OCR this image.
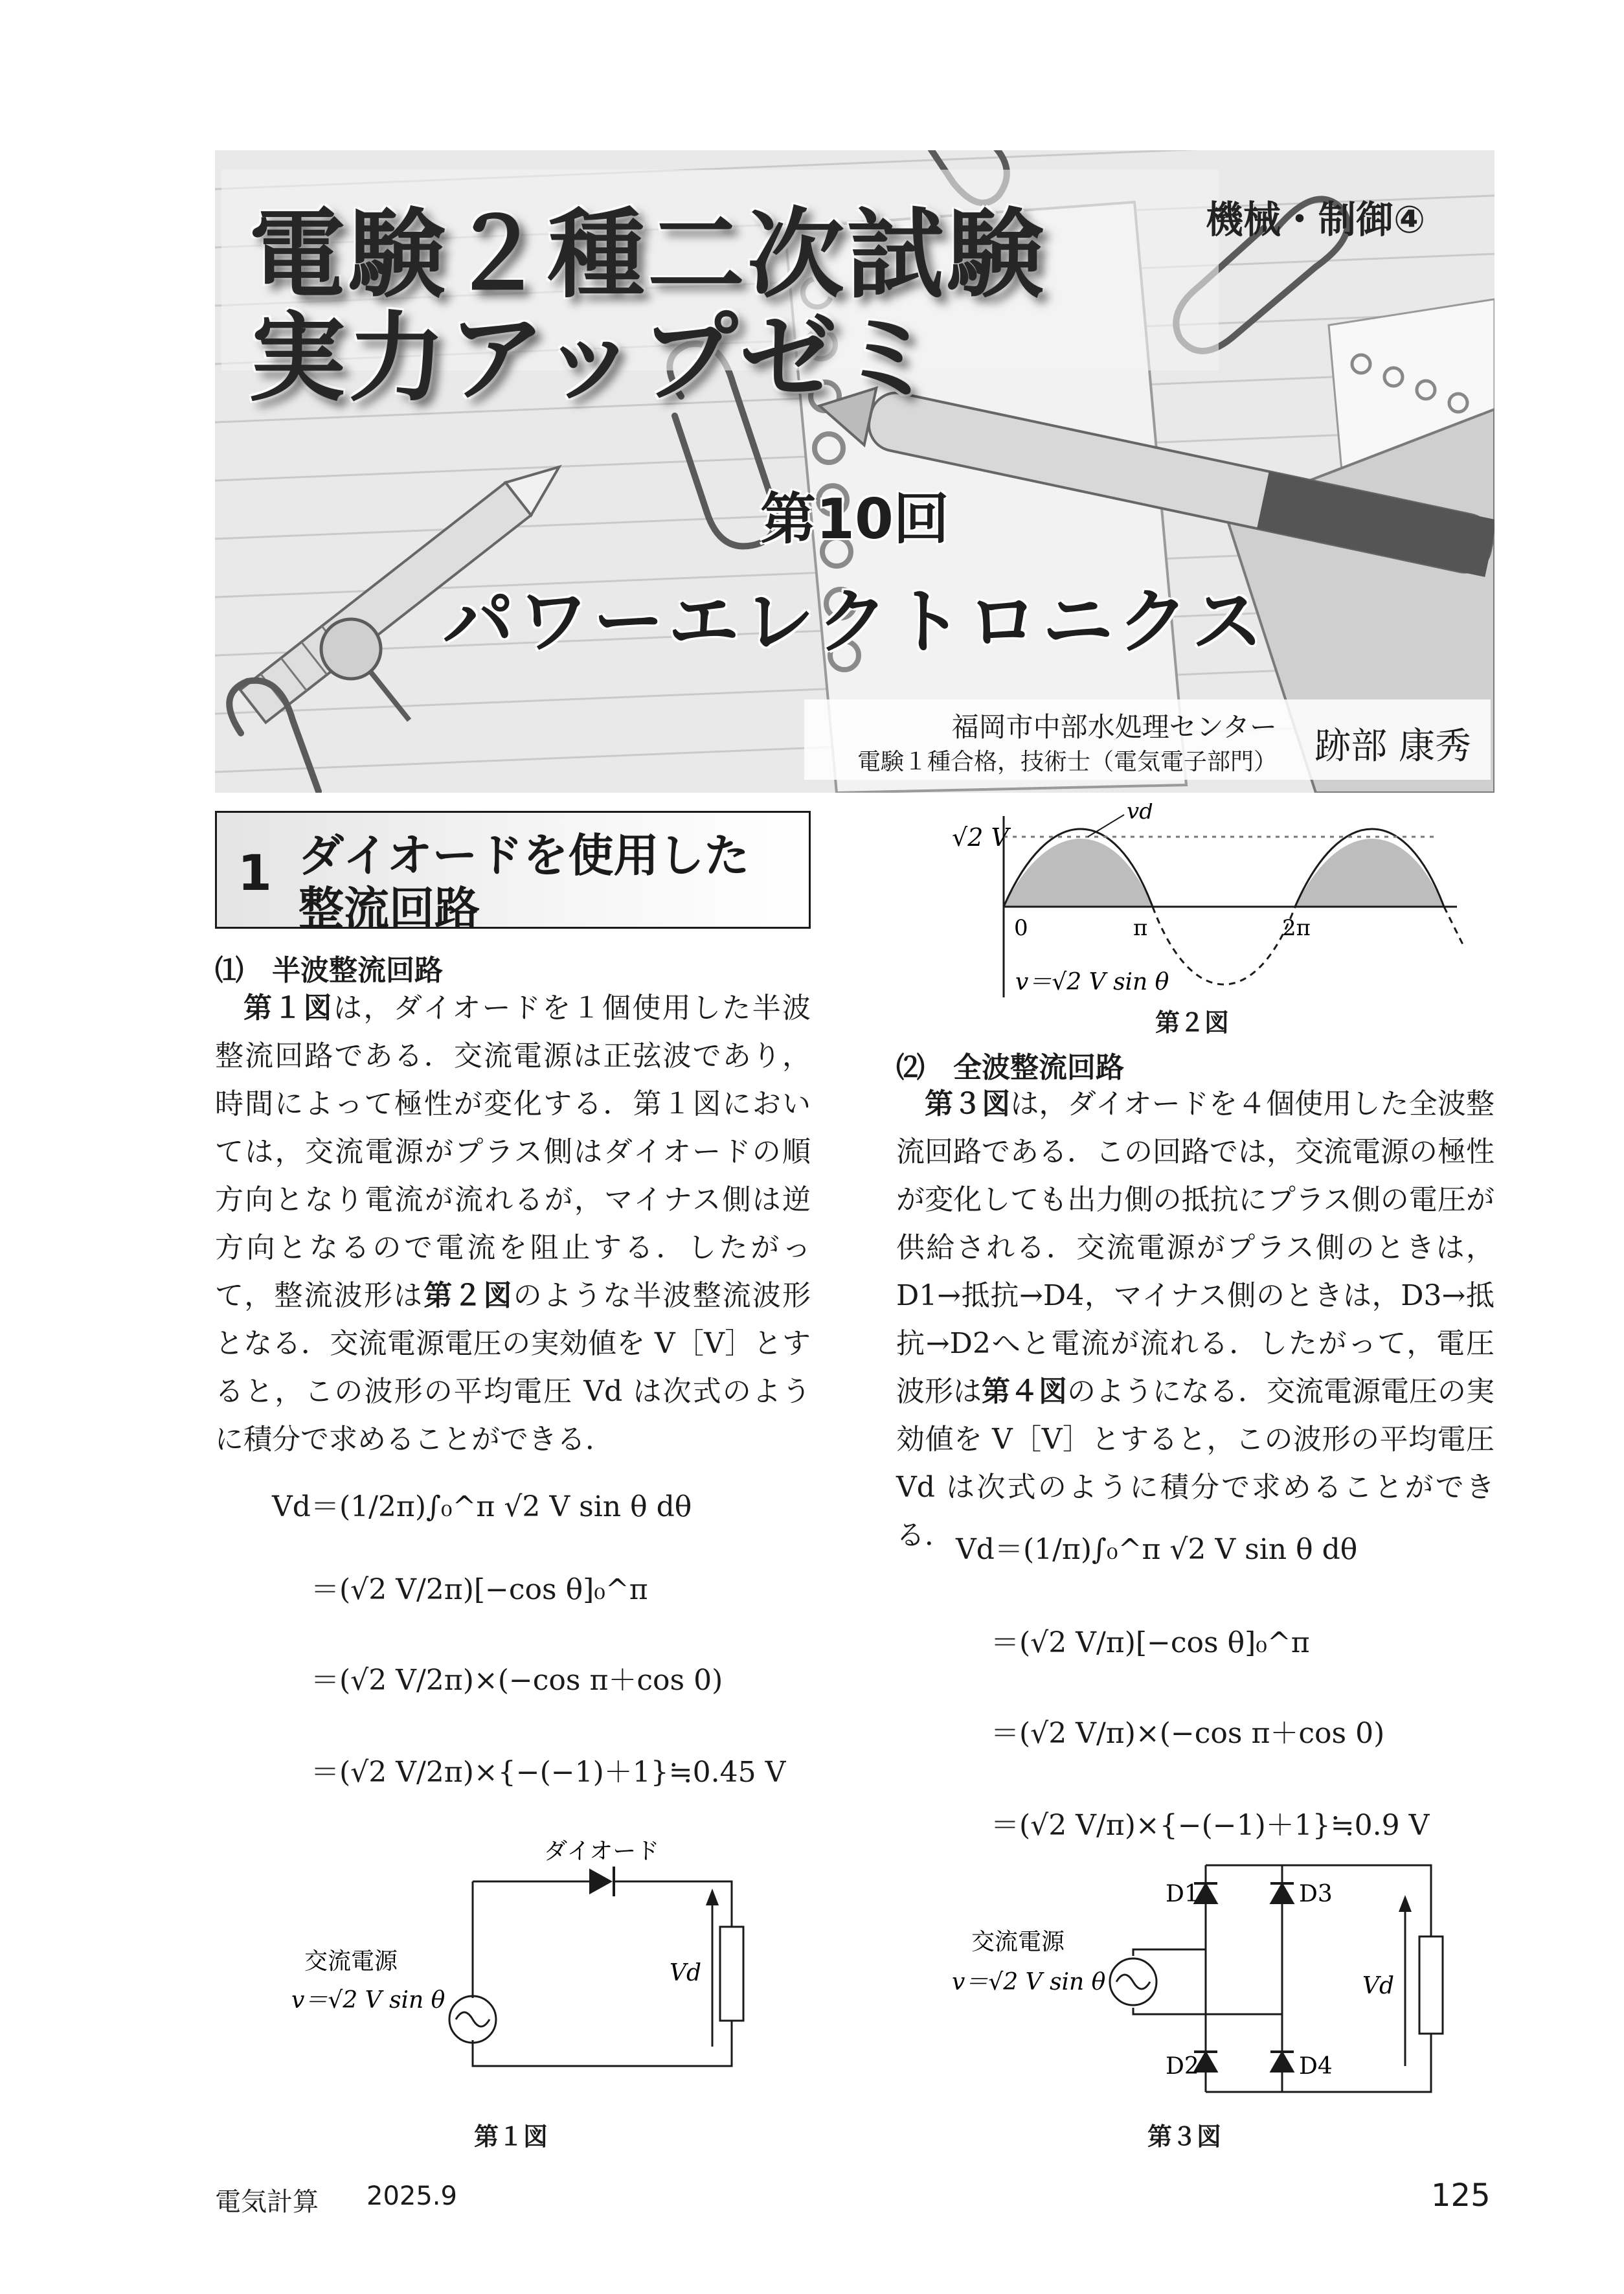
電験２種二次試験
実力アップゼミ
機械・制御④
第10回
パワーエレクトロニクス
福岡市中部水処理センター
電験１種合格，技術士（電気電子部門） 跡部 康秀
1 ダイオードを使用した
整流回路
⑴　半波整流回路
第１図は，ダイオードを１個使用した半波整流回路である．交流電源は正弦波であり，時間によって極性が変化する．第１図においては，交流電源がプラス側はダイオードの順方向となり電流が流れるが，マイナス側は逆方向となるので電流を阻止する．したがって，整流波形は第２図のような半波整流波形となる．交流電源電圧の実効値を V［V］とすると，この波形の平均電圧 Vd は次式のように積分で求めることができる．
Vd＝(1/2π)∫₀^π √2 V sin θ dθ
＝(√2 V/2π)[−cos θ]₀^π
＝(√2 V/2π)×(−cos π＋cos 0)
＝(√2 V/2π)×{−(−1)＋1}≒0.45 V
ダイオード
交流電源
v＝√2 V sin θ
Vd
第１図
√2 V
vd
0	π	2π
v＝√2 V sin θ
第２図
⑵　全波整流回路
第３図は，ダイオードを４個使用した全波整流回路である．この回路では，交流電源の極性が変化しても出力側の抵抗にプラス側の電圧が供給される．交流電源がプラス側のときは，D1→抵抗→D4，マイナス側のときは，D3→抵抗→D2へと電流が流れる．したがって，電圧波形は第４図のようになる．交流電源電圧の実効値を V［V］とすると，この波形の平均電圧 Vd は次式のように積分で求めることができる． Vd＝(1/π)∫₀^π √2 V sin θ dθ
＝(√2 V/π)[−cos θ]₀^π
＝(√2 V/π)×(−cos π＋cos 0)
＝(√2 V/π)×{−(−1)＋1}≒0.9 V
D1	D3
D2	D4
交流電源
v＝√2 V sin θ	Vd
第３図
電気計算 2025.9	125
